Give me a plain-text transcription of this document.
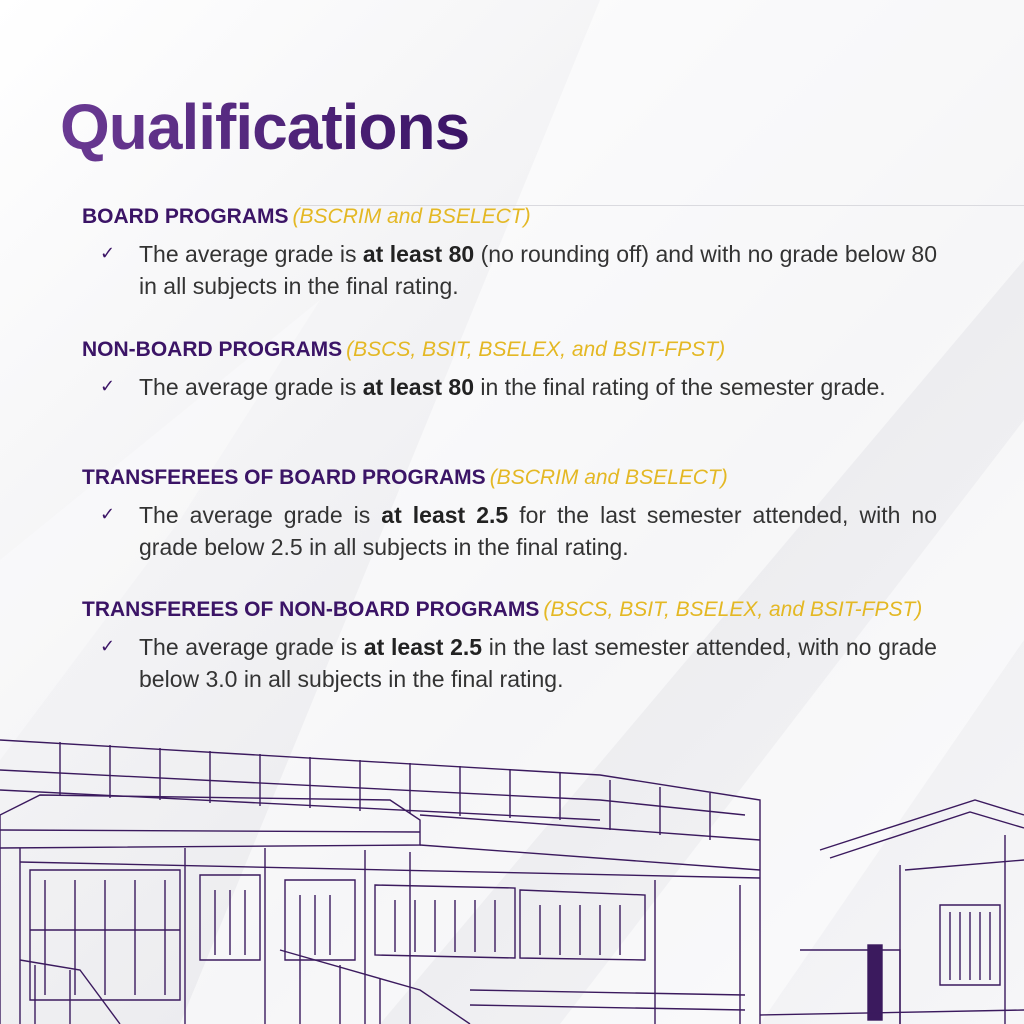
Qualifications

BOARD PROGRAMS (BSCRIM and BSELECT)

✓ The average grade is at least 80 (no rounding off) and with no grade below 80 in all subjects in the final rating.

NON-BOARD PROGRAMS (BSCS, BSIT, BSELEX, and BSIT-FPST)

✓ The average grade is at least 80 in the final rating of the semester grade.

TRANSFEREES OF BOARD PROGRAMS (BSCRIM and BSELECT)

✓ The average grade is at least 2.5 for the last semester attended, with no grade below 2.5 in all subjects in the final rating.

TRANSFEREES OF NON-BOARD PROGRAMS (BSCS, BSIT, BSELEX, and BSIT-FPST)

✓ The average grade is at least 2.5 in the last semester attended, with no grade below 3.0 in all subjects in the final rating.
